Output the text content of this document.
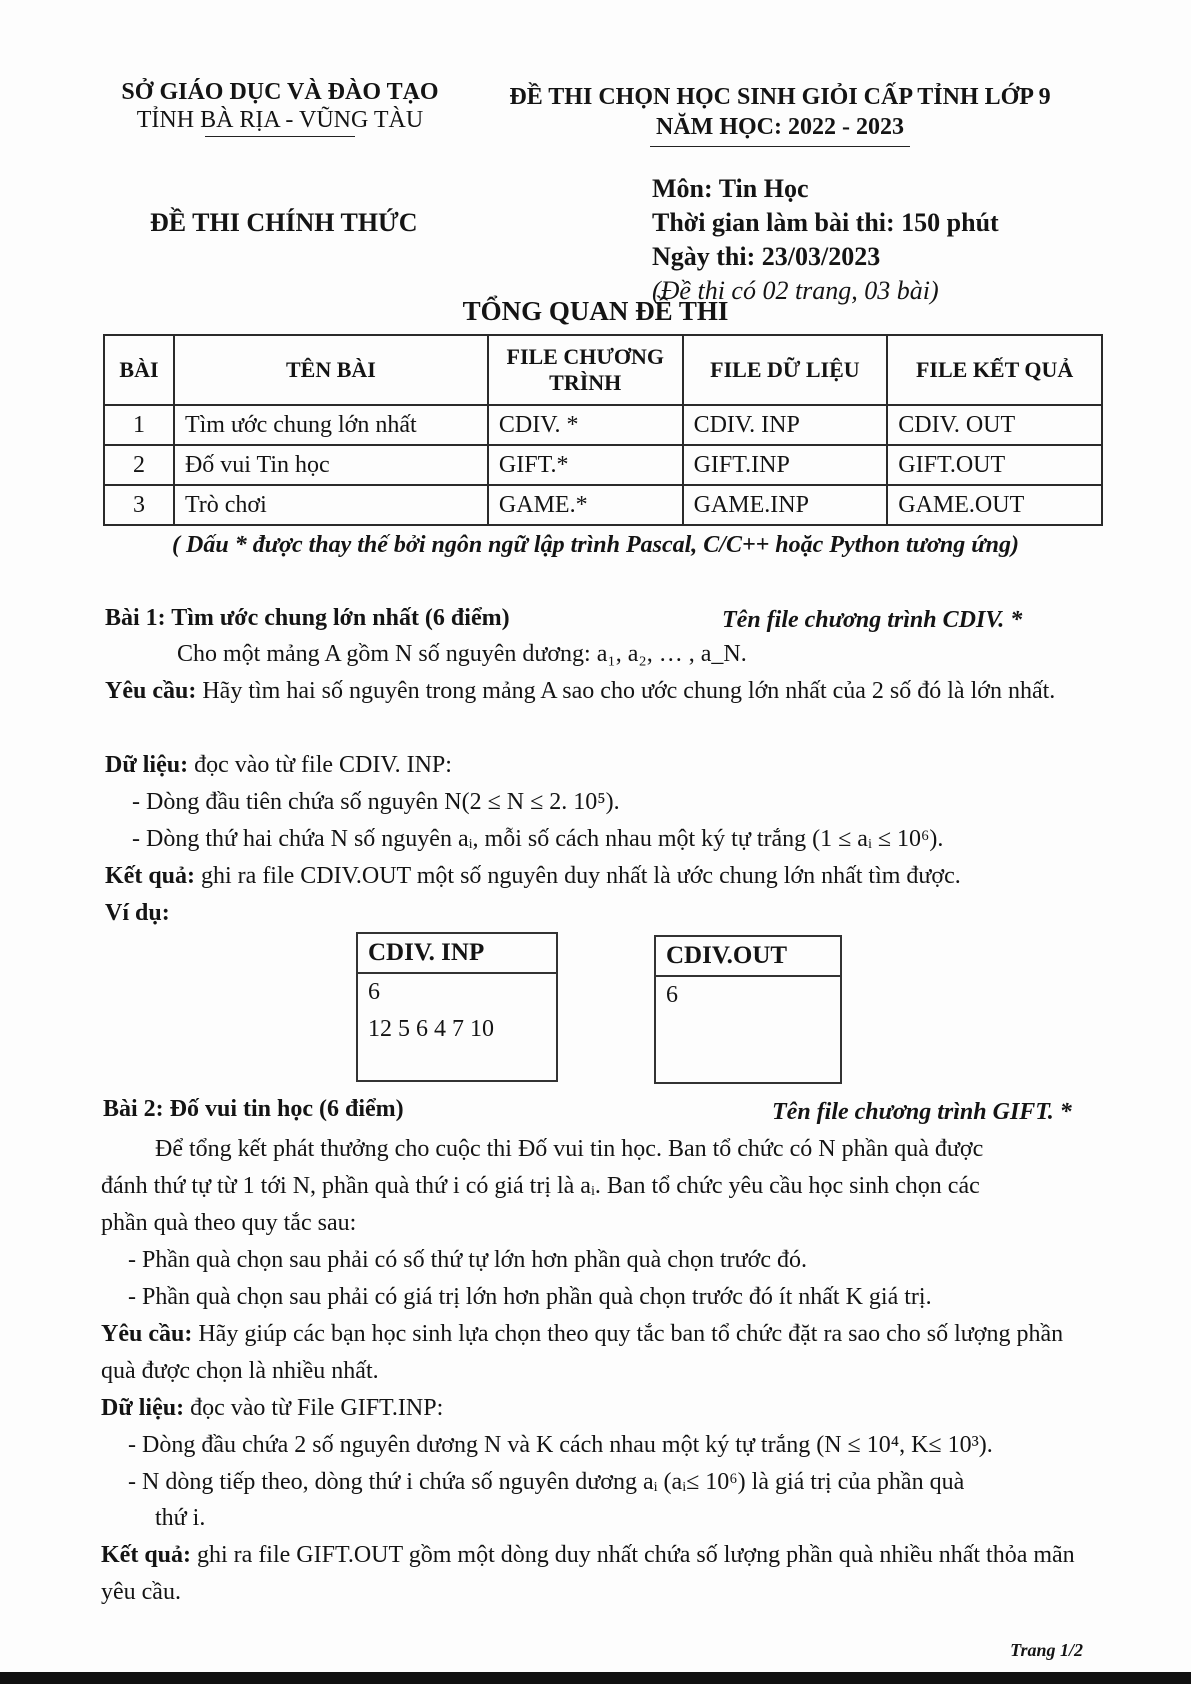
SỞ GIÁO DỤC VÀ ĐÀO TẠO
TỈNH BÀ RỊA - VŨNG TÀU
ĐỀ THI CHỌN HỌC SINH GIỎI CẤP TỈNH LỚP 9
NĂM HỌC: 2022 - 2023
ĐỀ THI CHÍNH THỨC
Môn: Tin Học
Thời gian làm bài thi: 150 phút
Ngày thi: 23/03/2023
(Đề thi có 02 trang, 03 bài)
TỔNG QUAN ĐỀ THI
BÀI	TÊN BÀI	FILE CHƯƠNG TRÌNH	FILE DỮ LIỆU	FILE KẾT QUẢ
1	Tìm ước chung lớn nhất	CDIV. *	CDIV. INP	CDIV. OUT
2	Đố vui Tin học	GIFT.*	GIFT.INP	GIFT.OUT
3	Trò chơi	GAME.*	GAME.INP	GAME.OUT
( Dấu * được thay thế bởi ngôn ngữ lập trình Pascal, C/C++ hoặc Python tương ứng)
Bài 1: Tìm ước chung lớn nhất (6 điểm)	Tên file chương trình CDIV. *
Cho một mảng A gồm N số nguyên dương: a₁, a₂, … , a_N.
Yêu cầu: Hãy tìm hai số nguyên trong mảng A sao cho ước chung lớn nhất của 2 số đó là lớn nhất.
Dữ liệu: đọc vào từ file CDIV. INP:
- Dòng đầu tiên chứa số nguyên N(2 ≤ N ≤ 2. 10⁵).
- Dòng thứ hai chứa N số nguyên aᵢ, mỗi số cách nhau một ký tự trắng (1 ≤ aᵢ ≤ 10⁶).
Kết quả: ghi ra file CDIV.OUT một số nguyên duy nhất là ước chung lớn nhất tìm được.
Ví dụ:
CDIV. INP
6
12 5 6 4 7 10
CDIV.OUT
6
Bài 2: Đố vui tin học (6 điểm)	Tên file chương trình GIFT. *
Để tổng kết phát thưởng cho cuộc thi Đố vui tin học. Ban tổ chức có N phần quà được
đánh thứ tự từ 1 tới N, phần quà thứ i có giá trị là aᵢ. Ban tổ chức yêu cầu học sinh chọn các
phần quà theo quy tắc sau:
- Phần quà chọn sau phải có số thứ tự lớn hơn phần quà chọn trước đó.
- Phần quà chọn sau phải có giá trị lớn hơn phần quà chọn trước đó ít nhất K giá trị.
Yêu cầu: Hãy giúp các bạn học sinh lựa chọn theo quy tắc ban tổ chức đặt ra sao cho số lượng phần quà được chọn là nhiều nhất.
Dữ liệu: đọc vào từ File GIFT.INP:
- Dòng đầu chứa 2 số nguyên dương N và K cách nhau một ký tự trắng (N ≤ 10⁴, K≤ 10³).
- N dòng tiếp theo, dòng thứ i chứa số nguyên dương aᵢ (aᵢ≤ 10⁶) là giá trị của phần quà
thứ i.
Kết quả: ghi ra file GIFT.OUT gồm một dòng duy nhất chứa số lượng phần quà nhiều nhất thỏa mãn yêu cầu.
Trang 1/2
